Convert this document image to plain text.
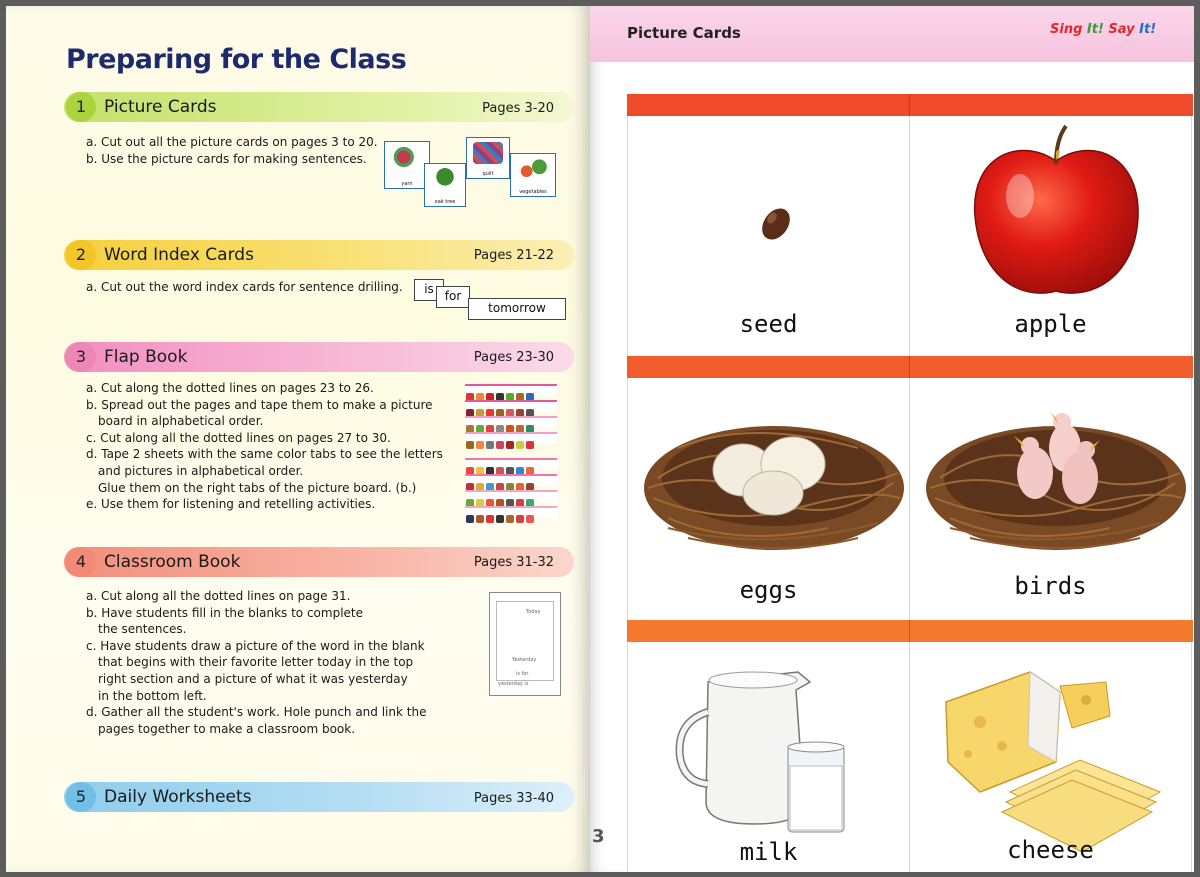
Preparing for the Class
1	Picture Cards	Pages 3-20
a. Cut out all the picture cards on pages 3 to 20.
b. Use the picture cards for making sentences.
yarn
oak tree
quilt
vegetables
2	Word Index Cards	Pages 21-22
a. Cut out the word index cards for sentence drilling.	is for
tomorrow
3	Flap Book	Pages 23-30
a. Cut along the dotted lines on pages 23 to 26.
b. Spread out the pages and tape them to make a picture
board in alphabetical order.
c. Cut along all the dotted lines on pages 27 to 30.
d. Tape 2 sheets with the same color tabs to see the letters
and pictures in alphabetical order.
Glue them on the right tabs of the picture board. (b.)
e. Use them for listening and retelling activities.
4	Classroom Book	Pages 31-32
a. Cut along all the dotted lines on page 31.
b. Have students fill in the blanks to complete
the sentences.
c. Have students draw a picture of the word in the blank
that begins with their favorite letter today in the top
right section and a picture of what it was yesterday
in the bottom left.
d. Gather all the student's work. Hole punch and link the
pages together to make a classroom book.
Today
Yesterday
is for
yesterday is
5	Daily Worksheets	Pages 33-40
3
Picture Cards	Sing It! Say It!
seed	apple
eggs	birds
milk	cheese
